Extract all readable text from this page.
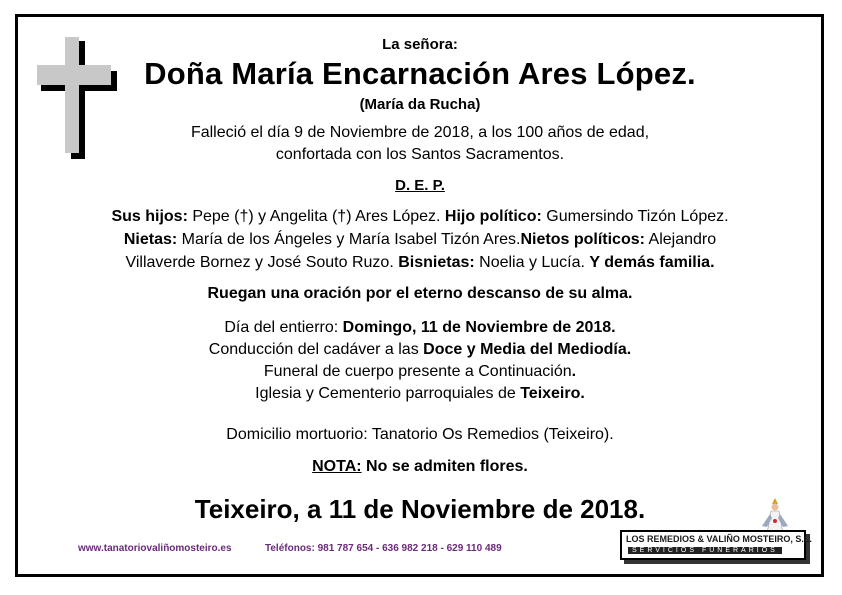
La señora:
Doña María Encarnación Ares López.
(María da Rucha)
Falleció el día 9 de Noviembre de 2018, a los 100 años de edad,
confortada con los Santos Sacramentos.
D. E. P.
Sus hijos: Pepe (†) y Angelita (†) Ares López. Hijo político: Gumersindo Tizón López.
Nietas: María de los Ángeles y María Isabel Tizón Ares.Nietos políticos: Alejandro
Villaverde Bornez y José Souto Ruzo. Bisnietas: Noelia y Lucía. Y demás familia.
Ruegan una oración por el eterno descanso de su alma.
Día del entierro: Domingo, 11 de Noviembre de 2018.
Conducción del cadáver a las Doce y Media del Mediodía.
Funeral de cuerpo presente a Continuación.
Iglesia y Cementerio parroquiales de Teixeiro.
Domicilio mortuorio: Tanatorio Os Remedios (Teixeiro).
NOTA: No se admiten flores.
Teixeiro, a 11 de Noviembre de 2018.
www.tanatoriovaliñomosteiro.es	Teléfonos: 981 787 654 - 636 982 218 - 629 110 489
LOS REMEDIOS & VALIÑO MOSTEIRO, S.L.
SERVICIOS FUNERARIOS
